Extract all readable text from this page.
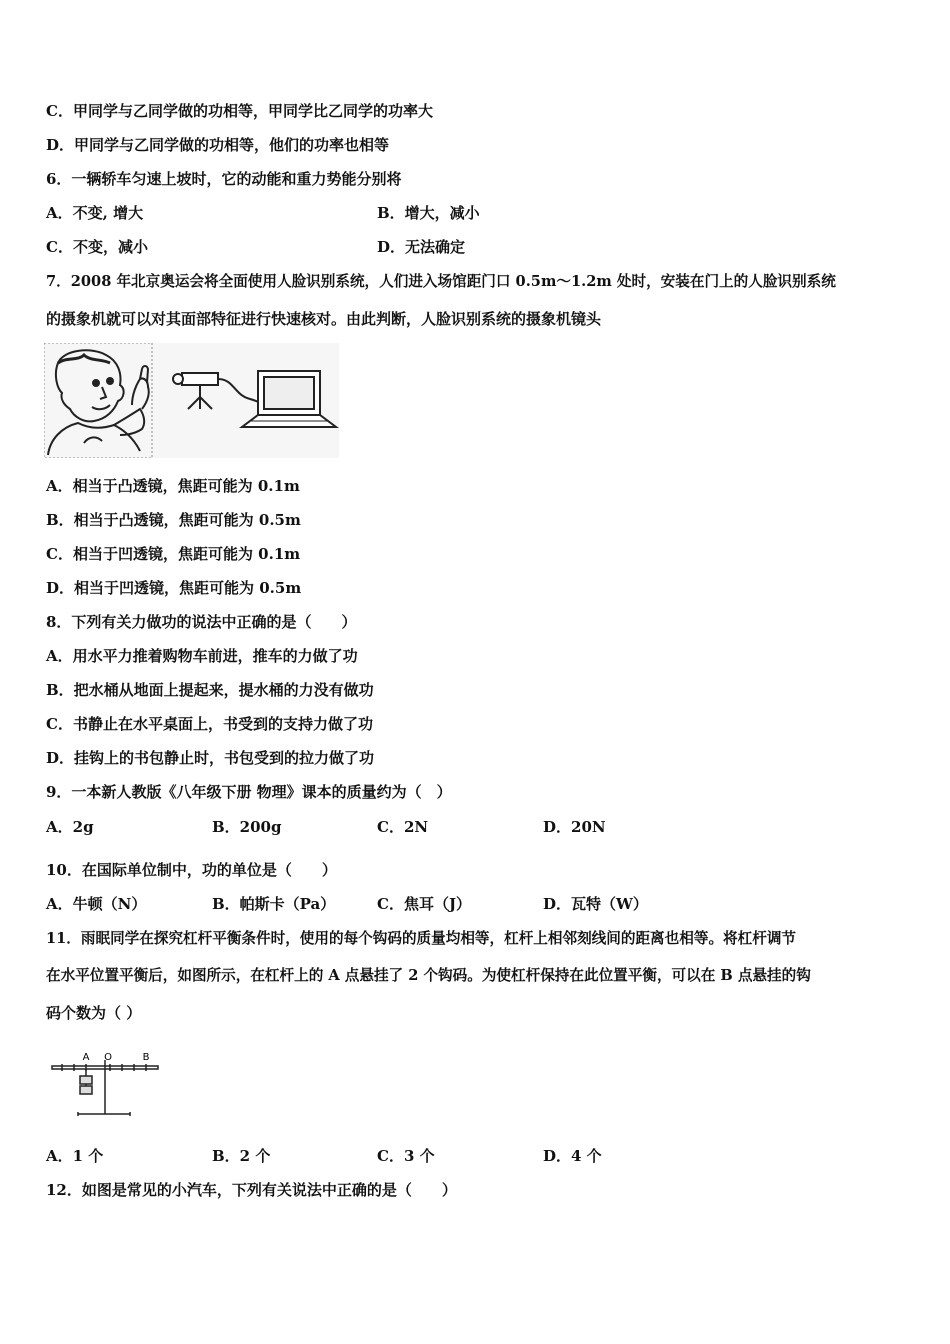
C．甲同学与乙同学做的功相等，甲同学比乙同学的功率大
D．甲同学与乙同学做的功相等，他们的功率也相等
6．一辆轿车匀速上坡时，它的动能和重力势能分别将
A．不变, 增大	B．增大，减小
C．不变，减小	D．无法确定
7．2008 年北京奥运会将全面使用人脸识别系统，人们进入场馆距门口 0.5m～1.2m 处时，安装在门上的人脸识别系统
的摄象机就可以对其面部特征进行快速核对。由此判断，人脸识别系统的摄象机镜头
A．相当于凸透镜，焦距可能为 0.1m
B．相当于凸透镜，焦距可能为 0.5m
C．相当于凹透镜，焦距可能为 0.1m
D．相当于凹透镜，焦距可能为 0.5m
8．下列有关力做功的说法中正确的是（　　）
A．用水平力推着购物车前进，推车的力做了功
B．把水桶从地面上提起来，提水桶的力没有做功
C．书静止在水平桌面上，书受到的支持力做了功
D．挂钩上的书包静止时，书包受到的拉力做了功
9．一本新人教版《八年级下册 物理》课本的质量约为（　）
A．2g	B．200g	C．2N	D．20N
10．在国际单位制中，功的单位是（　　）
A．牛顿（N）	B．帕斯卡（Pa）	C．焦耳（J）	D．瓦特（W）
11．雨眠同学在探究杠杆平衡条件时，使用的每个钩码的质量均相等，杠杆上相邻刻线间的距离也相等。将杠杆调节
在水平位置平衡后，如图所示，在杠杆上的 A 点悬挂了 2 个钩码。为使杠杆保持在此位置平衡，可以在 B 点悬挂的钩
码个数为（ ）
A O	B
A．1 个	B．2 个	C．3 个	D．4 个
12．如图是常见的小汽车，下列有关说法中正确的是（　　）
